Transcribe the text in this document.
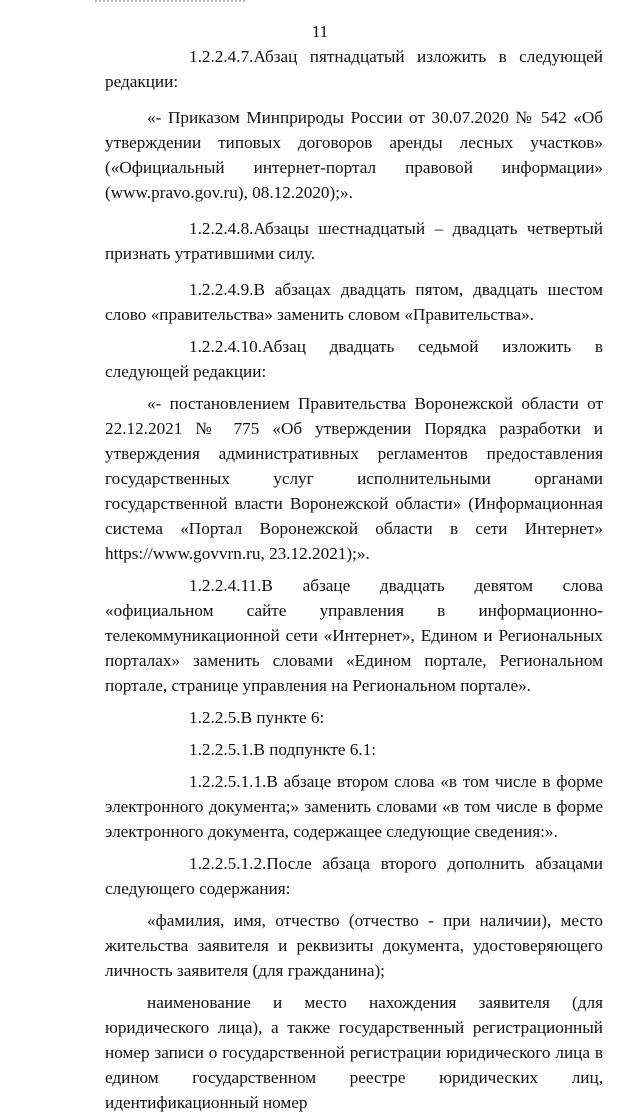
11

1.2.2.4.7.Абзац пятнадцатый изложить в следующей редакции:

«- Приказом Минприроды России от 30.07.2020 № 542 «Об утверждении типовых договоров аренды лесных участков» («Официальный интернет-портал правовой информации» (www.pravo.gov.ru), 08.12.2020);».

1.2.2.4.8.Абзацы шестнадцатый – двадцать четвертый признать утратившими силу.

1.2.2.4.9.В абзацах двадцать пятом, двадцать шестом слово «правительства» заменить словом «Правительства».

1.2.2.4.10.Абзац двадцать седьмой изложить в следующей редакции:

«- постановлением Правительства Воронежской области от 22.12.2021 № 775 «Об утверждении Порядка разработки и утверждения административных регламентов предоставления государственных услуг исполнительными органами государственной власти Воронежской области» (Информационная система «Портал Воронежской области в сети Интернет» https://www.govvrn.ru, 23.12.2021);».

1.2.2.4.11.В абзаце двадцать девятом слова «официальном сайте управления в информационно-телекоммуникационной сети «Интернет», Едином и Региональных порталах» заменить словами «Едином портале, Региональном портале, странице управления на Региональном портале».

1.2.2.5.В пункте 6:

1.2.2.5.1.В подпункте 6.1:

1.2.2.5.1.1.В абзаце втором слова «в том числе в форме электронного документа;» заменить словами «в том числе в форме электронного документа, содержащее следующие сведения:».

1.2.2.5.1.2.После абзаца второго дополнить абзацами следующего содержания:

«фамилия, имя, отчество (отчество - при наличии), место жительства заявителя и реквизиты документа, удостоверяющего личность заявителя (для гражданина);

наименование и место нахождения заявителя (для юридического лица), а также государственный регистрационный номер записи о государственной регистрации юридического лица в едином государственном реестре юридических лиц, идентификационный номер
